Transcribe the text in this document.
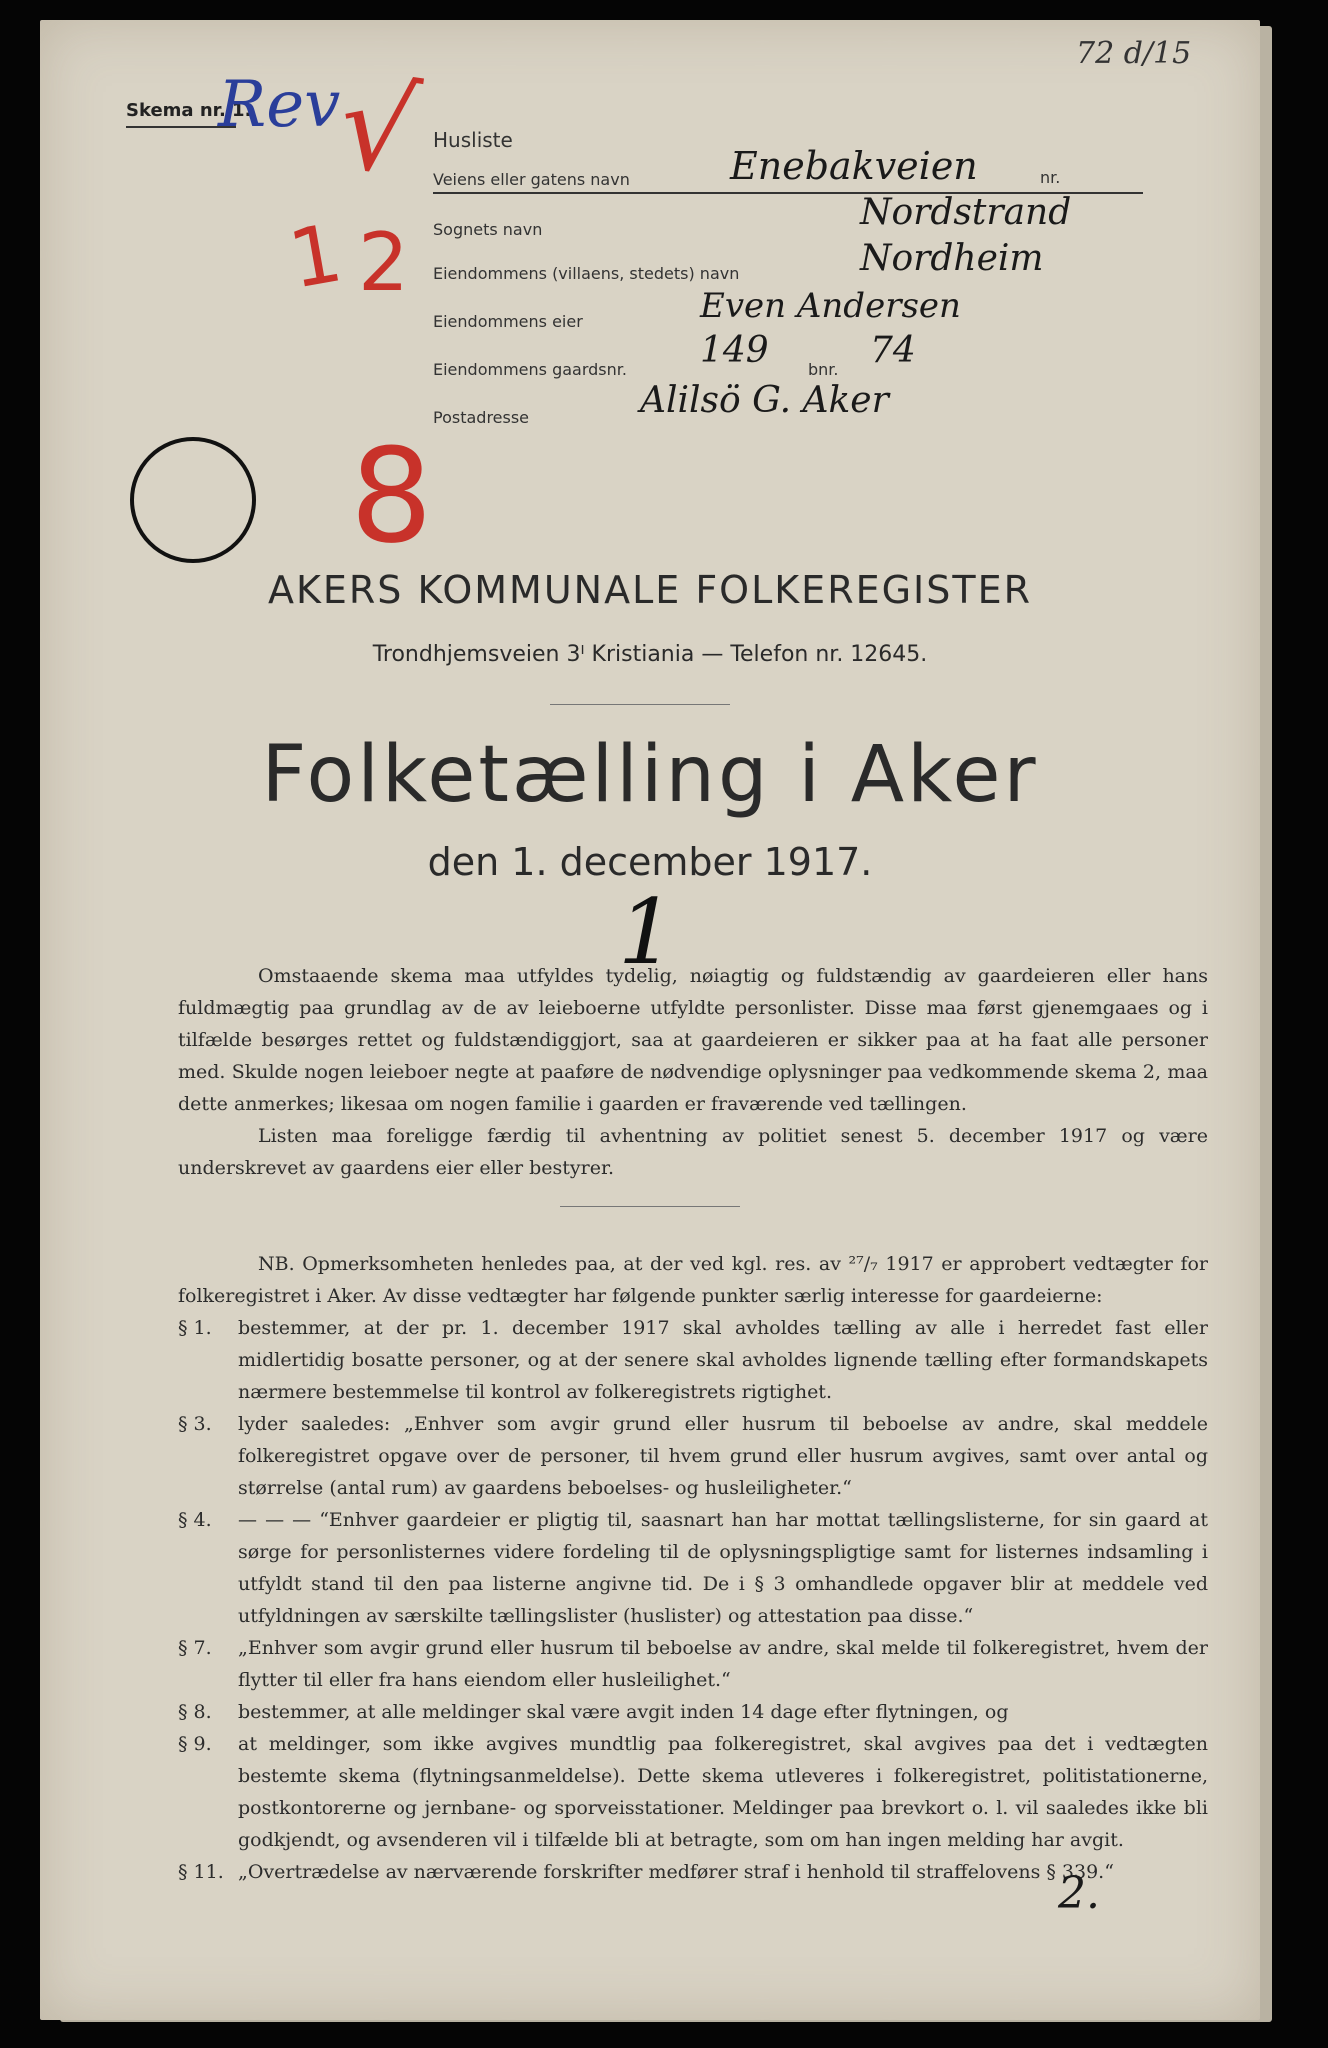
Skema nr. 1.
Rev
72 d/15
√
1 2
8
Husliste
Veiens eller gatens navn	Enebakveien	nr.
Sognets navn	Nordstrand
Eiendommens (villaens, stedets) navn	Nordheim
Eiendommens eier	Even Andersen
Eiendommens gaardsnr. 149 bnr. 74
Postadresse	Alilsö G. Aker
AKERS KOMMUNALE FOLKEREGISTER
Trondhjemsveien 3ᴵ Kristiania — Telefon nr. 12645.
Folketælling i Aker
den 1. december 1917.
1

Omstaaende skema maa utfyldes tydelig, nøiagtig og fuldstændig av gaardeieren eller hans fuldmægtig paa grundlag av de av leieboerne utfyldte personlister. Disse maa først gjenemgaaes og i tilfælde besørges rettet og fuldstændiggjort, saa at gaardeieren er sikker paa at ha faat alle personer med. Skulde nogen leieboer negte at paaføre de nødvendige oplysninger paa vedkommende skema 2, maa dette anmerkes; likesaa om nogen familie i gaarden er fraværende ved tællingen.

Listen maa foreligge færdig til avhentning av politiet senest 5. december 1917 og være underskrevet av gaardens eier eller bestyrer.

NB. Opmerksomheten henledes paa, at der ved kgl. res. av ²⁷/₇ 1917 er approbert vedtægter for folkeregistret i Aker. Av disse vedtægter har følgende punkter særlig interesse for gaardeierne:

§ 1.	bestemmer, at der pr. 1. december 1917 skal avholdes tælling av alle i herredet fast eller midlertidig bosatte personer, og at der senere skal avholdes lignende tælling efter formandskapets nærmere bestemmelse til kontrol av folkeregistrets rigtighet.
§ 3.	lyder saaledes: „Enhver som avgir grund eller husrum til beboelse av andre, skal meddele folkeregistret opgave over de personer, til hvem grund eller husrum avgives, samt over antal og størrelse (antal rum) av gaardens beboelses- og husleiligheter.“
§ 4.	— — — “Enhver gaardeier er pligtig til, saasnart han har mottat tællingslisterne, for sin gaard at sørge for personlisternes videre fordeling til de oplysningspligtige samt for listernes indsamling i utfyldt stand til den paa listerne angivne tid. De i § 3 omhandlede opgaver blir at meddele ved utfyldningen av særskilte tællingslister (huslister) og attestation paa disse.“
§ 7.	„Enhver som avgir grund eller husrum til beboelse av andre, skal melde til folkeregistret, hvem der flytter til eller fra hans eiendom eller husleilighet.“
§ 8.	bestemmer, at alle meldinger skal være avgit inden 14 dage efter flytningen, og
§ 9.	at meldinger, som ikke avgives mundtlig paa folkeregistret, skal avgives paa det i vedtægten bestemte skema (flytningsanmeldelse). Dette skema utleveres i folkeregistret, politistationerne, postkontorerne og jernbane- og sporveisstationer. Meldinger paa brevkort o. l. vil saaledes ikke bli godkjendt, og avsenderen vil i tilfælde bli at betragte, som om han ingen melding har avgit.
§ 11. „Overtrædelse av nærværende forskrifter medfører straf i henhold til straffelovens § 339.“
2.
